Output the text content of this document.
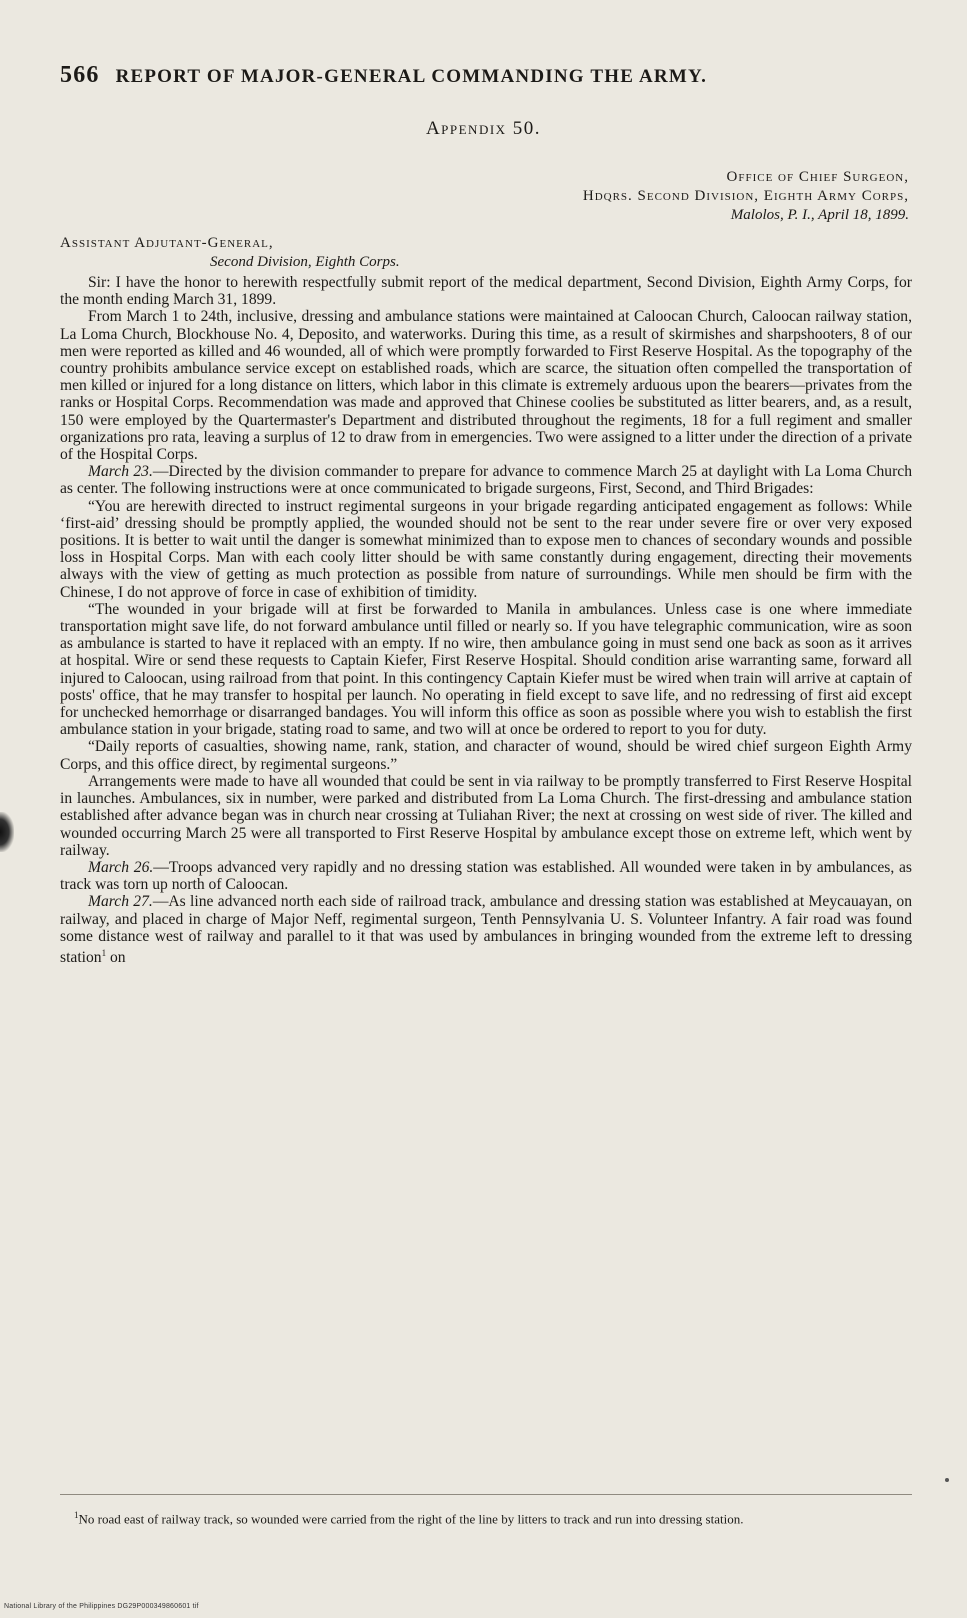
566 REPORT OF MAJOR-GENERAL COMMANDING THE ARMY.
Appendix 50.
Office of Chief Surgeon,
Hdqrs. Second Division, Eighth Army Corps,
Malolos, P. I., April 18, 1899.
Assistant Adjutant-General,
Second Division, Eighth Corps.

Sir: I have the honor to herewith respectfully submit report of the medical department, Second Division, Eighth Army Corps, for the month ending March 31, 1899.

From March 1 to 24th, inclusive, dressing and ambulance stations were maintained at Caloocan Church, Caloocan railway station, La Loma Church, Blockhouse No. 4, Deposito, and waterworks. During this time, as a result of skirmishes and sharpshooters, 8 of our men were reported as killed and 46 wounded, all of which were promptly forwarded to First Reserve Hospital. As the topography of the country prohibits ambulance service except on established roads, which are scarce, the situation often compelled the transportation of men killed or injured for a long distance on litters, which labor in this climate is extremely arduous upon the bearers—privates from the ranks or Hospital Corps. Recommendation was made and approved that Chinese coolies be substituted as litter bearers, and, as a result, 150 were employed by the Quartermaster's Department and distributed throughout the regiments, 18 for a full regiment and smaller organizations pro rata, leaving a surplus of 12 to draw from in emergencies. Two were assigned to a litter under the direction of a private of the Hospital Corps.

March 23.—Directed by the division commander to prepare for advance to commence March 25 at daylight with La Loma Church as center. The following instructions were at once communicated to brigade surgeons, First, Second, and Third Brigades:

“You are herewith directed to instruct regimental surgeons in your brigade regarding anticipated engagement as follows: While ‘first-aid’ dressing should be promptly applied, the wounded should not be sent to the rear under severe fire or over very exposed positions. It is better to wait until the danger is somewhat minimized than to expose men to chances of secondary wounds and possible loss in Hospital Corps. Man with each cooly litter should be with same constantly during engagement, directing their movements always with the view of getting as much protection as possible from nature of surroundings. While men should be firm with the Chinese, I do not approve of force in case of exhibition of timidity.

“The wounded in your brigade will at first be forwarded to Manila in ambulances. Unless case is one where immediate transportation might save life, do not forward ambulance until filled or nearly so. If you have telegraphic communication, wire as soon as ambulance is started to have it replaced with an empty. If no wire, then ambulance going in must send one back as soon as it arrives at hospital. Wire or send these requests to Captain Kiefer, First Reserve Hospital. Should condition arise warranting same, forward all injured to Caloocan, using railroad from that point. In this contingency Captain Kiefer must be wired when train will arrive at captain of posts' office, that he may transfer to hospital per launch. No operating in field except to save life, and no redressing of first aid except for unchecked hemorrhage or disarranged bandages. You will inform this office as soon as possible where you wish to establish the first ambulance station in your brigade, stating road to same, and two will at once be ordered to report to you for duty.

“Daily reports of casualties, showing name, rank, station, and character of wound, should be wired chief surgeon Eighth Army Corps, and this office direct, by regimental surgeons.”

Arrangements were made to have all wounded that could be sent in via railway to be promptly transferred to First Reserve Hospital in launches. Ambulances, six in number, were parked and distributed from La Loma Church. The first-dressing and ambulance station established after advance began was in church near crossing at Tuliahan River; the next at crossing on west side of river. The killed and wounded occurring March 25 were all transported to First Reserve Hospital by ambulance except those on extreme left, which went by railway.

March 26.—Troops advanced very rapidly and no dressing station was established. All wounded were taken in by ambulances, as track was torn up north of Caloocan.

March 27.—As line advanced north each side of railroad track, ambulance and dressing station was established at Meycauayan, on railway, and placed in charge of Major Neff, regimental surgeon, Tenth Pennsylvania U. S. Volunteer Infantry. A fair road was found some distance west of railway and parallel to it that was used by ambulances in bringing wounded from the extreme left to dressing station$^1$ on

$^1$No road east of railway track, so wounded were carried from the right of the line by litters to track and run into dressing station.
National Library of the Philippines DG29P000349860601 tif
